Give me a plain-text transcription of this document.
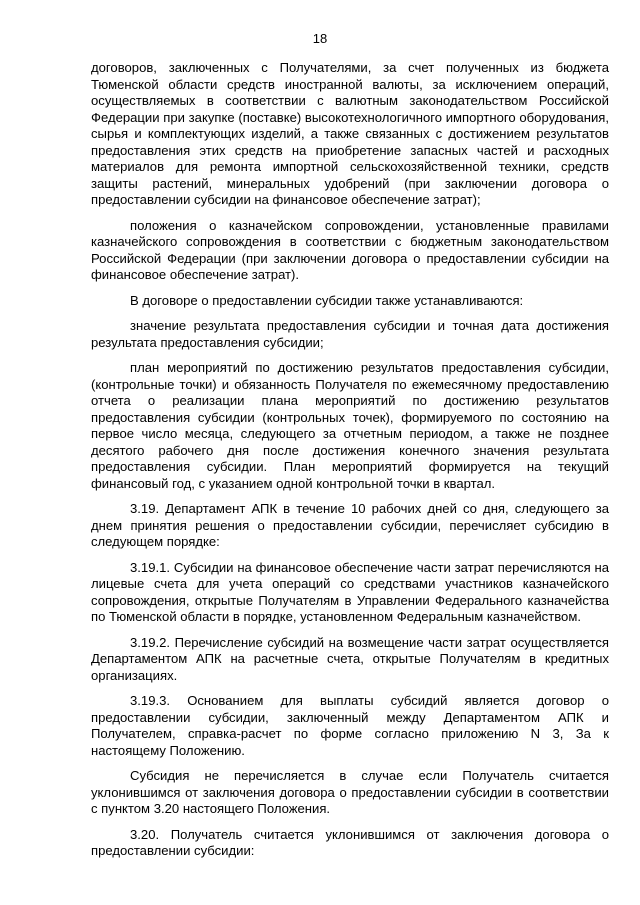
18

договоров, заключенных с Получателями, за счет полученных из бюджета Тюменской области средств иностранной валюты, за исключением операций, осуществляемых в соответствии с валютным законодательством Российской Федерации при закупке (поставке) высокотехнологичного импортного оборудования, сырья и комплектующих изделий, а также связанных с достижением результатов предоставления этих средств на приобретение запасных частей и расходных материалов для ремонта импортной сельскохозяйственной техники, средств защиты растений, минеральных удобрений (при заключении договора о предоставлении субсидии на финансовое обеспечение затрат);

положения о казначейском сопровождении, установленные правилами казначейского сопровождения в соответствии с бюджетным законодательством Российской Федерации (при заключении договора о предоставлении субсидии на финансовое обеспечение затрат).

В договоре о предоставлении субсидии также устанавливаются:

значение результата предоставления субсидии и точная дата достижения результата предоставления субсидии;

план мероприятий по достижению результатов предоставления субсидии, (контрольные точки) и обязанность Получателя по ежемесячному предоставлению отчета о реализации плана мероприятий по достижению результатов предоставления субсидии (контрольных точек), формируемого по состоянию на первое число месяца, следующего за отчетным периодом, а также не позднее десятого рабочего дня после достижения конечного значения результата предоставления субсидии. План мероприятий формируется на текущий финансовый год, с указанием одной контрольной точки в квартал.

3.19. Департамент АПК в течение 10 рабочих дней со дня, следующего за днем принятия решения о предоставлении субсидии, перечисляет субсидию в следующем порядке:

3.19.1. Субсидии на финансовое обеспечение части затрат перечисляются на лицевые счета для учета операций со средствами участников казначейского сопровождения, открытые Получателям в Управлении Федерального казначейства по Тюменской области в порядке, установленном Федеральным казначейством.

3.19.2. Перечисление субсидий на возмещение части затрат осуществляется Департаментом АПК на расчетные счета, открытые Получателям в кредитных организациях.

3.19.3. Основанием для выплаты субсидий является договор о предоставлении субсидии, заключенный между Департаментом АПК и Получателем, справка-расчет по форме согласно приложению N 3, За к настоящему Положению.

Субсидия не перечисляется в случае если Получатель считается уклонившимся от заключения договора о предоставлении субсидии в соответствии с пунктом 3.20 настоящего Положения.

3.20. Получатель считается уклонившимся от заключения договора о предоставлении субсидии:
